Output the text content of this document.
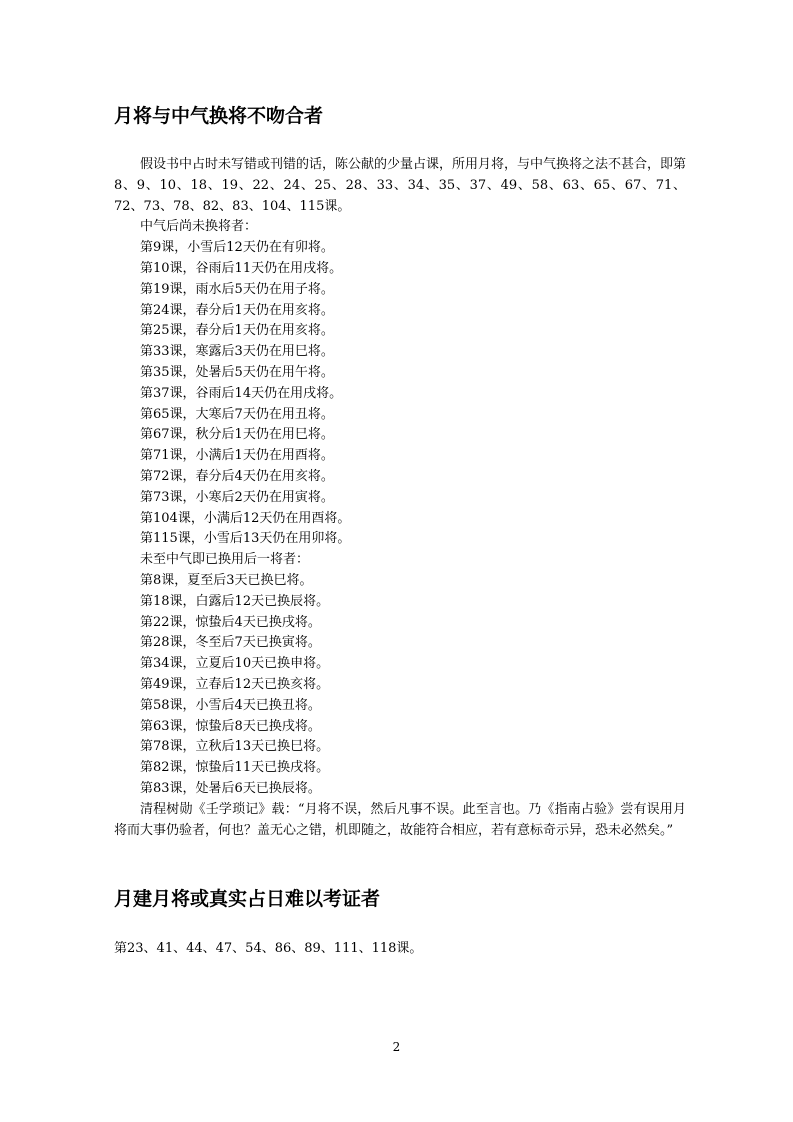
月将与中气换将不吻合者

假设书中占时未写错或刊错的话，陈公献的少量占课，所用月将，与中气换将之法不甚合，即第8、9、10、18、19、22、24、25、28、33、34、35、37、49、58、63、65、67、71、72、73、78、82、83、104、115课。

中气后尚未换将者：

第9课，小雪后12天仍在有卯将。

第10课，谷雨后11天仍在用戌将。

第19课，雨水后5天仍在用子将。

第24课，春分后1天仍在用亥将。

第25课，春分后1天仍在用亥将。

第33课，寒露后3天仍在用巳将。

第35课，处暑后5天仍在用午将。

第37课，谷雨后14天仍在用戌将。

第65课，大寒后7天仍在用丑将。

第67课，秋分后1天仍在用巳将。

第71课，小满后1天仍在用酉将。

第72课，春分后4天仍在用亥将。

第73课，小寒后2天仍在用寅将。

第104课，小满后12天仍在用酉将。

第115课，小雪后13天仍在用卯将。

未至中气即已换用后一将者：

第8课，夏至后3天已换巳将。

第18课，白露后12天已换辰将。

第22课，惊蛰后4天已换戌将。

第28课，冬至后7天已换寅将。

第34课，立夏后10天已换申将。

第49课，立春后12天已换亥将。

第58课，小雪后4天已换丑将。

第63课，惊蛰后8天已换戌将。

第78课，立秋后13天已换巳将。

第82课，惊蛰后11天已换戌将。

第83课，处暑后6天已换辰将。

清程树勋《壬学琐记》载：“月将不误，然后凡事不误。此至言也。乃《指南占验》尝有误用月将而大事仍验者，何也？盖无心之错，机即随之，故能符合相应，若有意标奇示异，恐未必然矣。”

月建月将或真实占日难以考证者
第23、41、44、47、54、86、89、111、118课。
2
